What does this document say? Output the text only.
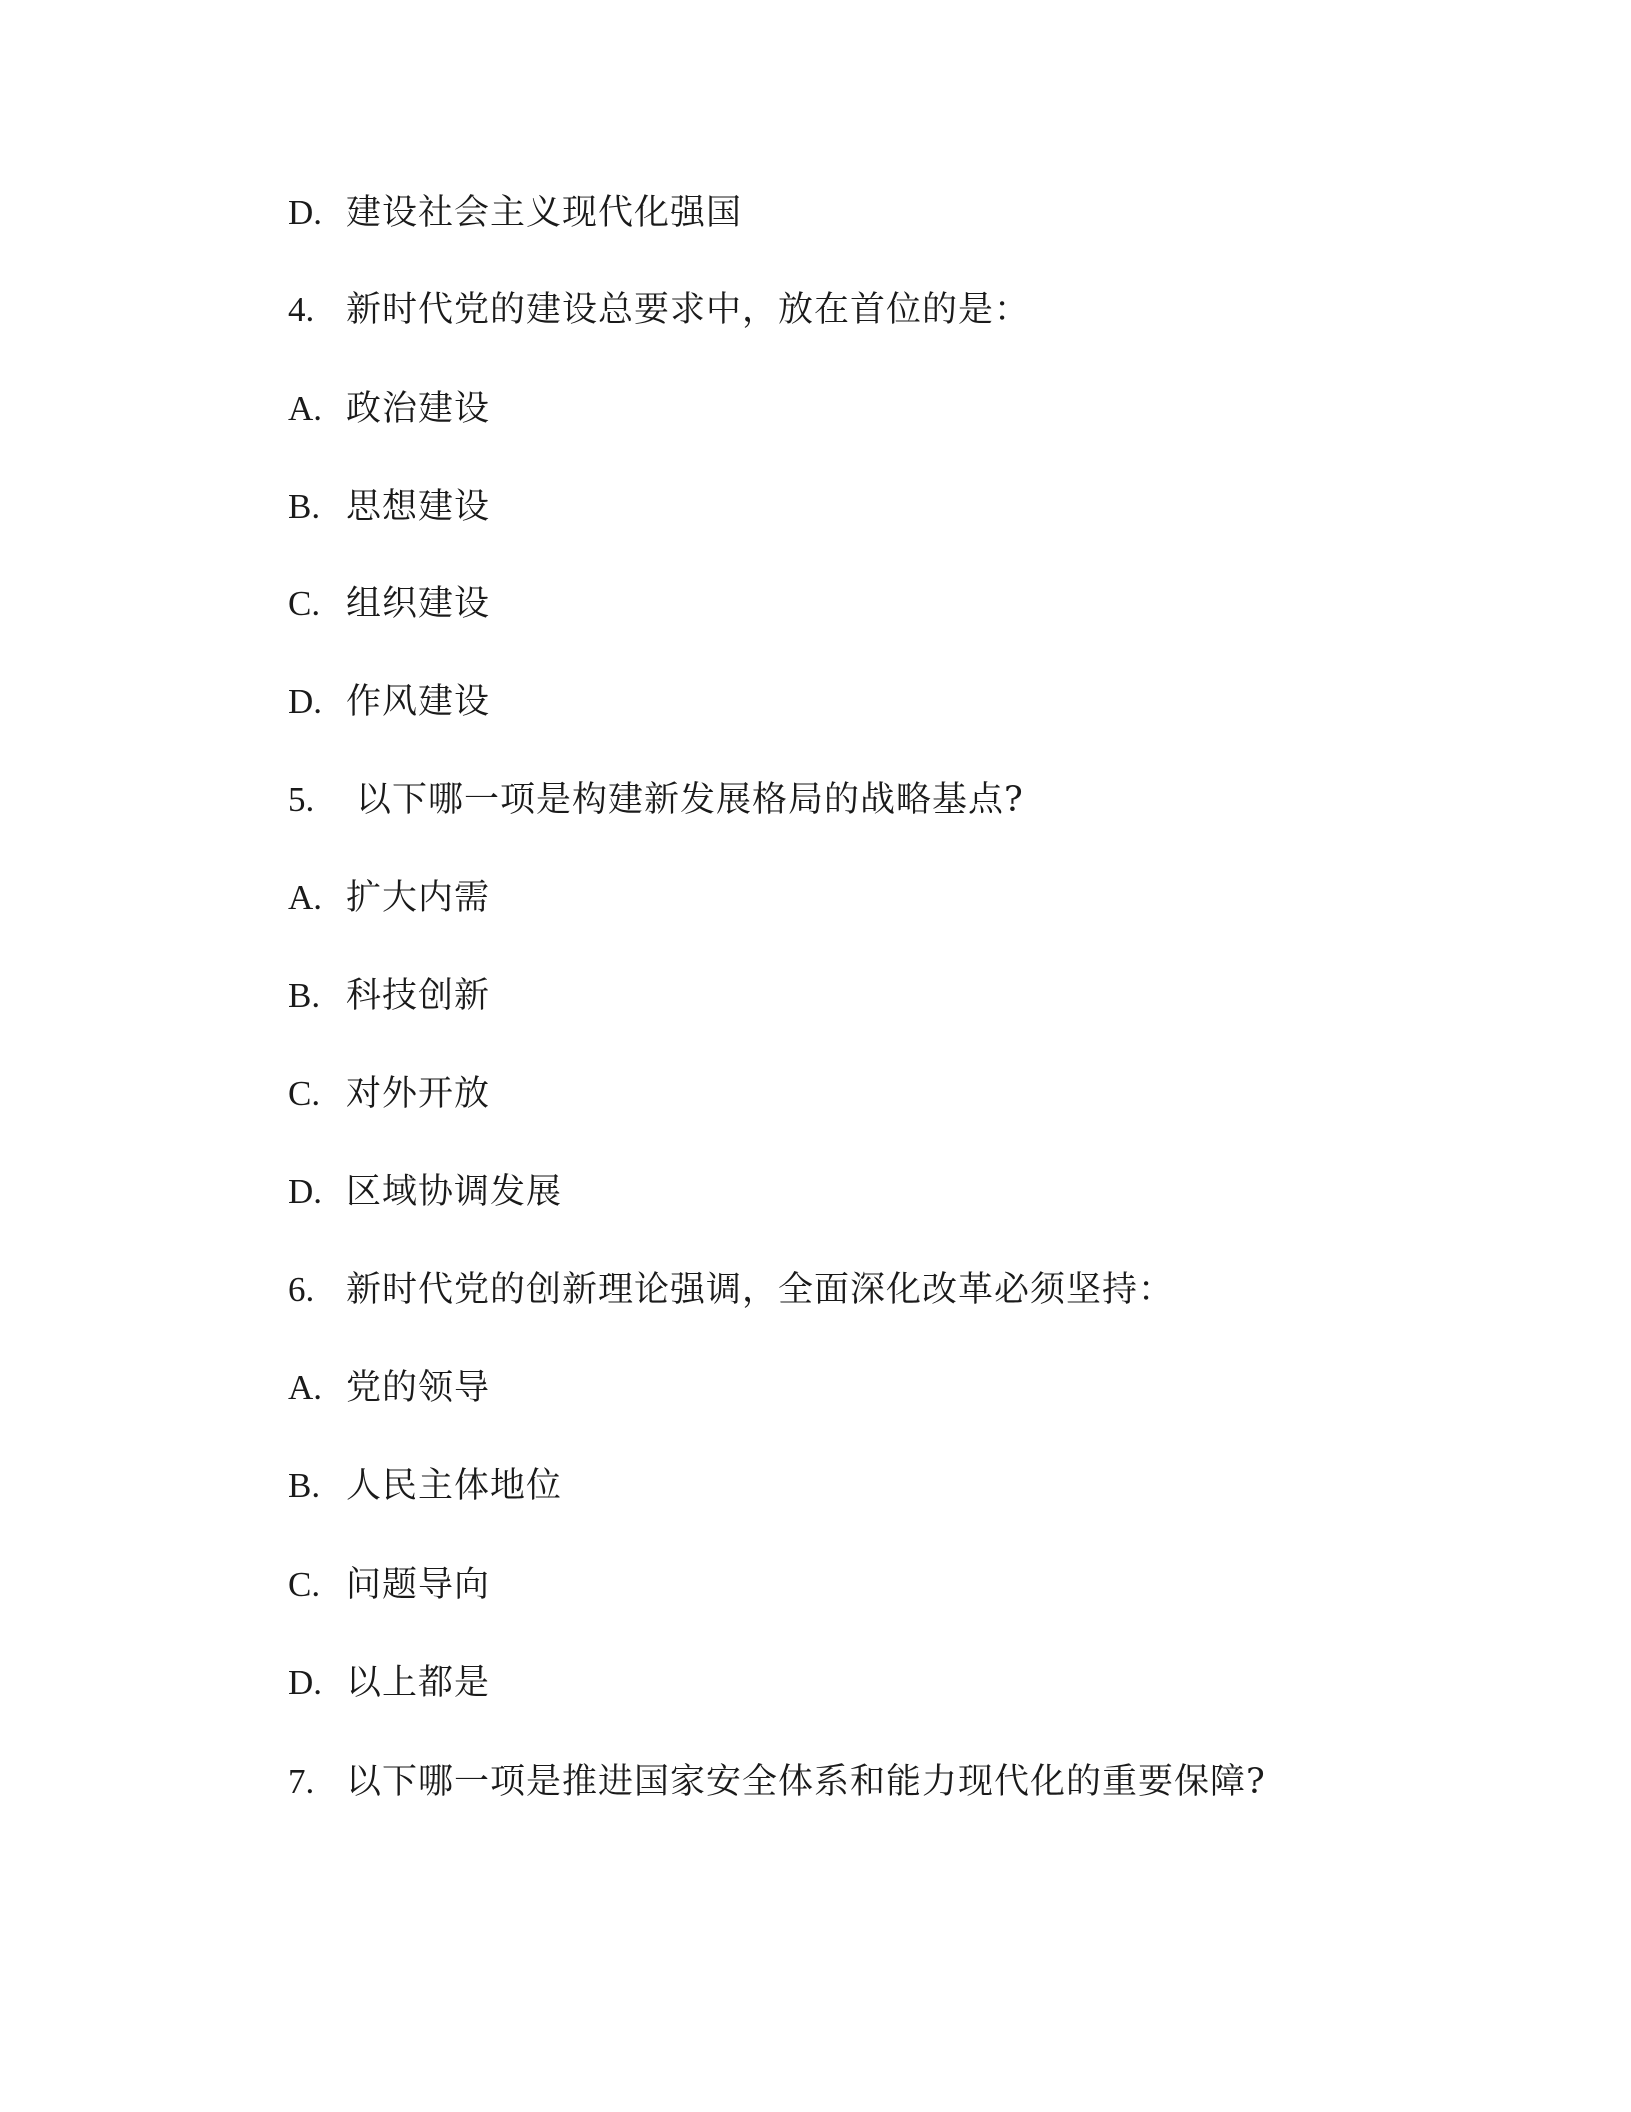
D. 建设社会主义现代化强国
4. 新时代党的建设总要求中，放在首位的是：
A. 政治建设
B. 思想建设
C. 组织建设
D. 作风建设
5.	以下哪一项是构建新发展格局的战略基点?
A. 扩大内需
B. 科技创新
C. 对外开放
D. 区域协调发展
6. 新时代党的创新理论强调，全面深化改革必须坚持：
A. 党的领导
B. 人民主体地位
C. 问题导向
D. 以上都是
7. 以下哪一项是推进国家安全体系和能力现代化的重要保障?
